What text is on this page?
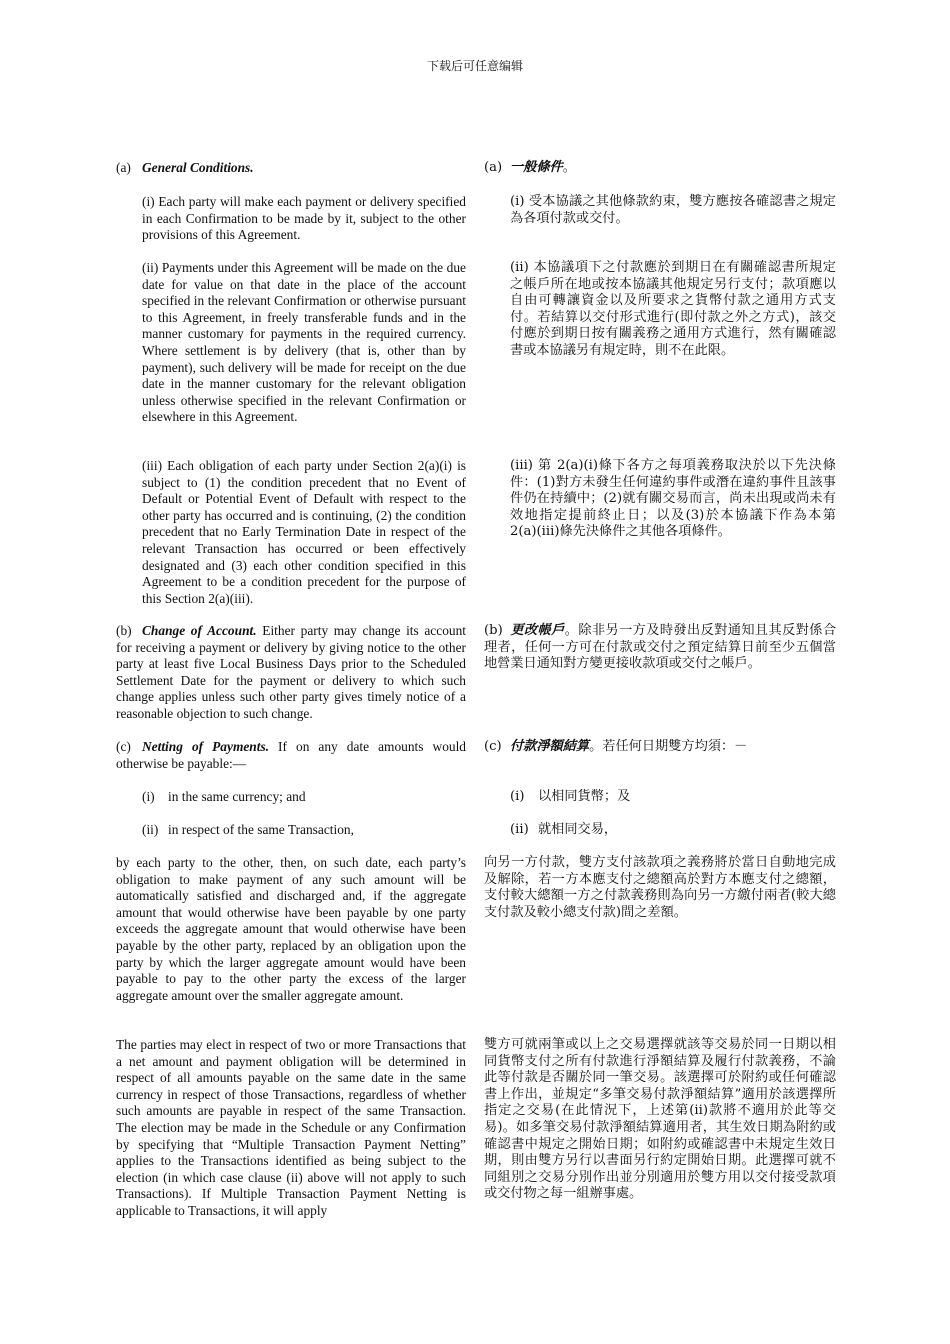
下载后可任意编辑
(a) General Conditions.
(i) Each party will make each payment or delivery specified in each Confirmation to be made by it, subject to the other provisions of this Agreement.
(ii) Payments under this Agreement will be made on the due date for value on that date in the place of the account specified in the relevant Confirmation or otherwise pursuant to this Agreement, in freely transferable funds and in the manner customary for payments in the required currency. Where settlement is by delivery (that is, other than by payment), such delivery will be made for receipt on the due date in the manner customary for the relevant obligation unless otherwise specified in the relevant Confirmation or elsewhere in this Agreement.
(iii) Each obligation of each party under Section 2(a)(i) is subject to (1) the condition precedent that no Event of Default or Potential Event of Default with respect to the other party has occurred and is continuing, (2) the condition precedent that no Early Termination Date in respect of the relevant Transaction has occurred or been effectively designated and (3) each other condition specified in this Agreement to be a condition precedent for the purpose of this Section 2(a)(iii).
(b) Change of Account. Either party may change its account for receiving a payment or delivery by giving notice to the other party at least five Local Business Days prior to the Scheduled Settlement Date for the payment or delivery to which such change applies unless such other party gives timely notice of a reasonable objection to such change.
(c) Netting of Payments. If on any date amounts would otherwise be payable:—
(i) in the same currency; and
(ii) in respect of the same Transaction,
by each party to the other, then, on such date, each party’s obligation to make payment of any such amount will be automatically satisfied and discharged and, if the aggregate amount that would otherwise have been payable by one party exceeds the aggregate amount that would otherwise have been payable by the other party, replaced by an obligation upon the party by which the larger aggregate amount would have been payable to pay to the other party the excess of the larger aggregate amount over the smaller aggregate amount.
The parties may elect in respect of two or more Transactions that a net amount and payment obligation will be determined in respect of all amounts payable on the same date in the same currency in respect of those Transactions, regardless of whether such amounts are payable in respect of the same Transaction. The election may be made in the Schedule or any Confirmation by specifying that “Multiple Transaction Payment Netting” applies to the Transactions identified as being subject to the election (in which case clause (ii) above will not apply to such Transactions). If Multiple Transaction Payment Netting is applicable to Transactions, it will apply
(a) 一般條件。
(i) 受本協議之其他條款約束，雙方應按各確認書之規定為各項付款或交付。
(ii) 本協議項下之付款應於到期日在有關確認書所規定之帳戶所在地或按本協議其他規定另行支付；款項應以自由可轉讓資金以及所要求之貨幣付款之通用方式支付。若結算以交付形式進行(即付款之外之方式)，該交付應於到期日按有關義務之通用方式進行，然有關確認書或本協議另有規定時，則不在此限。
(iii) 第 2(a)(i)條下各方之每項義務取決於以下先決條件：(1)對方未發生任何違約事件或潛在違約事件且該事件仍在持續中；(2)就有關交易而言，尚未出現或尚未有效地指定提前終止日；以及(3)於本協議下作為本第 2(a)(iii)條先決條件之其他各項條件。
(b) 更改帳戶。除非另一方及時發出反對通知且其反對係合理者，任何一方可在付款或交付之預定結算日前至少五個當地營業日通知對方變更接收款項或交付之帳戶。
(c) 付款淨額結算。若任何日期雙方均須：－
(i) 以相同貨幣；及
(ii) 就相同交易，
向另一方付款，雙方支付該款項之義務將於當日自動地完成及解除，若一方本應支付之總額高於對方本應支付之總額，支付較大總額一方之付款義務則為向另一方繳付兩者(較大總支付款及較小總支付款)間之差額。
雙方可就兩筆或以上之交易選擇就該等交易於同一日期以相同貨幣支付之所有付款進行淨額結算及履行付款義務，不論此等付款是否關於同一筆交易。該選擇可於附約或任何確認書上作出，並規定“多筆交易付款淨額結算”適用於該選擇所指定之交易(在此情況下，上述第(ii)款將不適用於此等交易)。如多筆交易付款淨額結算適用者，其生效日期為附約或確認書中規定之開始日期；如附約或確認書中未規定生效日期，則由雙方另行以書面另行約定開始日期。此選擇可就不同組別之交易分別作出並分別適用於雙方用以交付接受款項或交付物之每一組辦事處。
